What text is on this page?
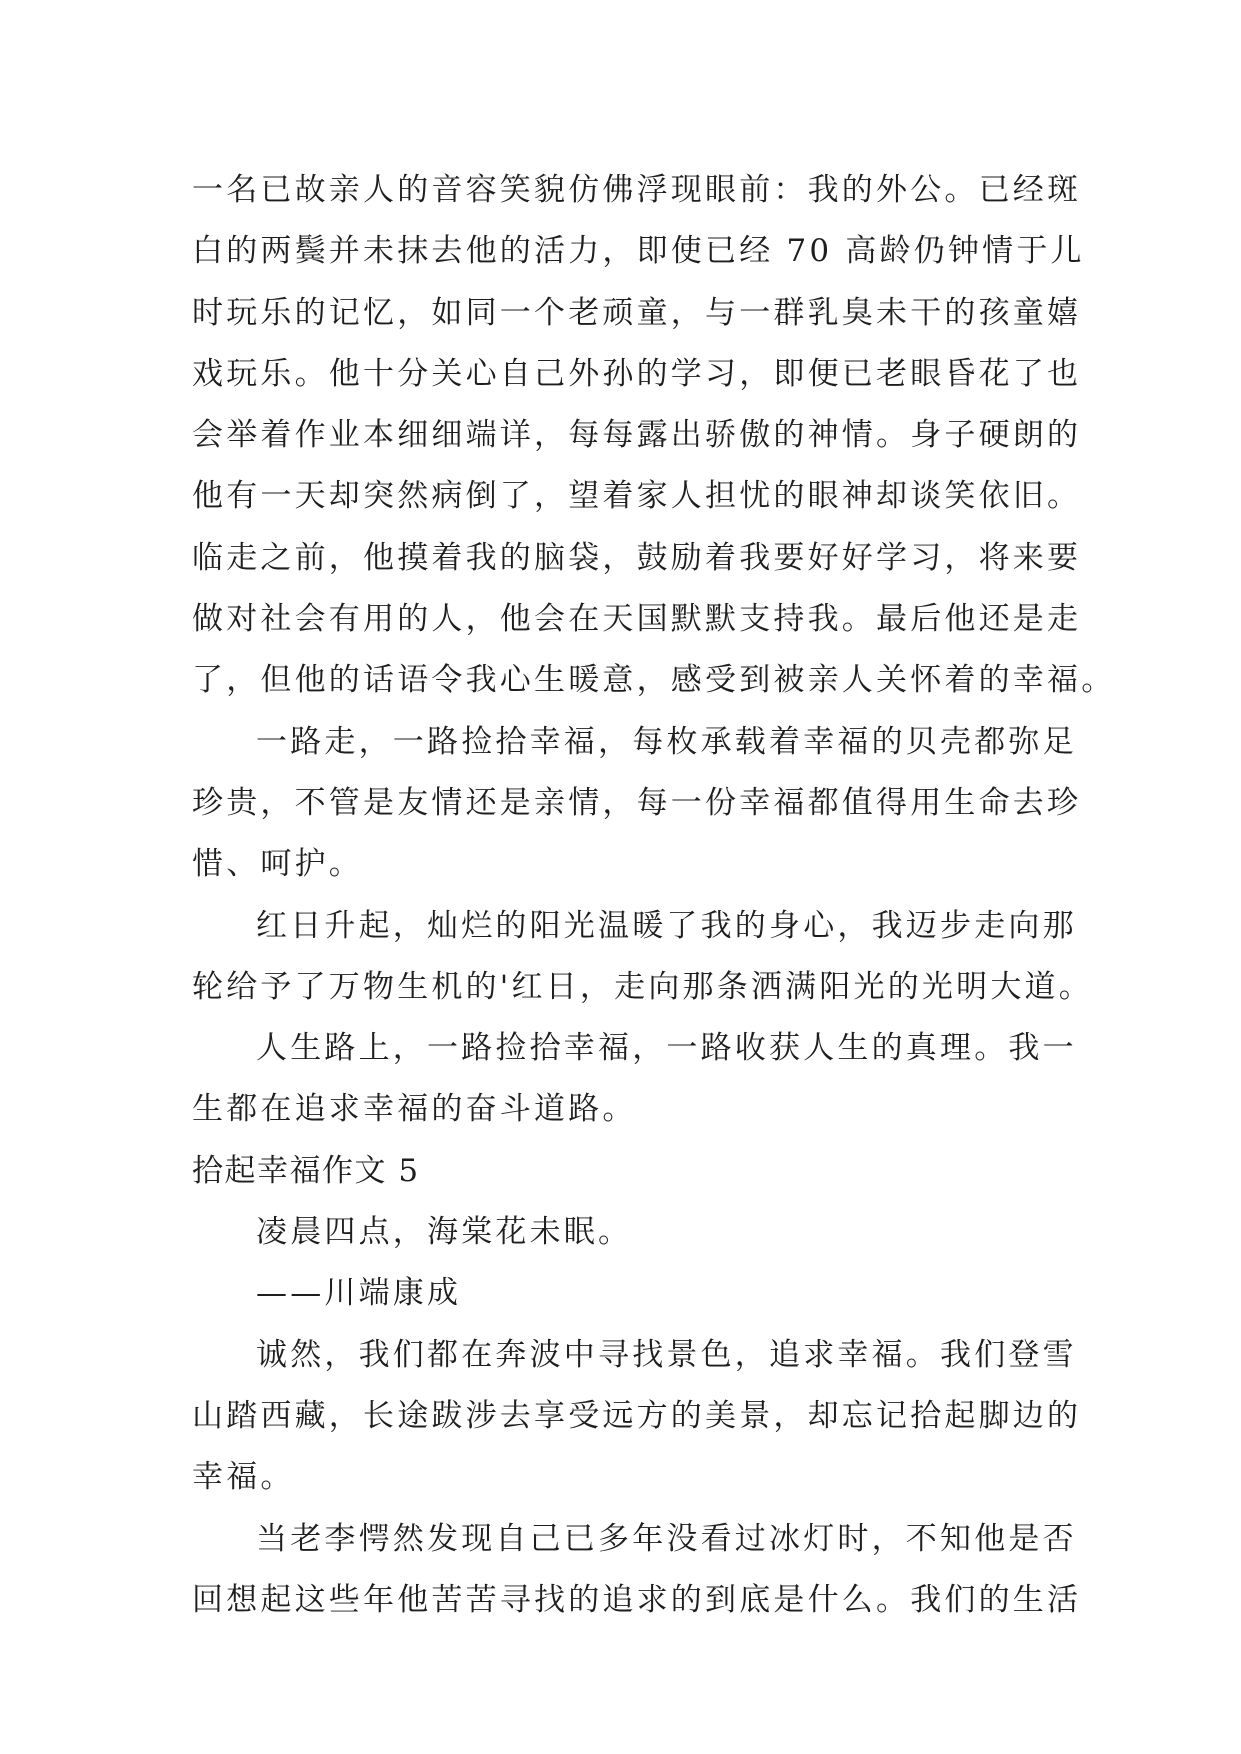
一名已故亲人的音容笑貌仿佛浮现眼前：我的外公。已经斑
白的两鬓并未抹去他的活力，即使已经 70 高龄仍钟情于儿
时玩乐的记忆，如同一个老顽童，与一群乳臭未干的孩童嬉
戏玩乐。他十分关心自己外孙的学习，即便已老眼昏花了也
会举着作业本细细端详，每每露出骄傲的神情。身子硬朗的
他有一天却突然病倒了，望着家人担忧的眼神却谈笑依旧。
临走之前，他摸着我的脑袋，鼓励着我要好好学习，将来要
做对社会有用的人，他会在天国默默支持我。最后他还是走
了，但他的话语令我心生暖意，感受到被亲人关怀着的幸福。
一路走，一路捡拾幸福，每枚承载着幸福的贝壳都弥足
珍贵，不管是友情还是亲情，每一份幸福都值得用生命去珍
惜、呵护。
红日升起，灿烂的阳光温暖了我的身心，我迈步走向那
轮给予了万物生机的'红日，走向那条洒满阳光的光明大道。
人生路上，一路捡拾幸福，一路收获人生的真理。我一
生都在追求幸福的奋斗道路。
拾起幸福作文 5
凌晨四点，海棠花未眠。
——川端康成
诚然，我们都在奔波中寻找景色，追求幸福。我们登雪
山踏西藏，长途跋涉去享受远方的美景，却忘记拾起脚边的
幸福。
当老李愕然发现自己已多年没看过冰灯时，不知他是否
回想起这些年他苦苦寻找的追求的到底是什么。我们的生活
